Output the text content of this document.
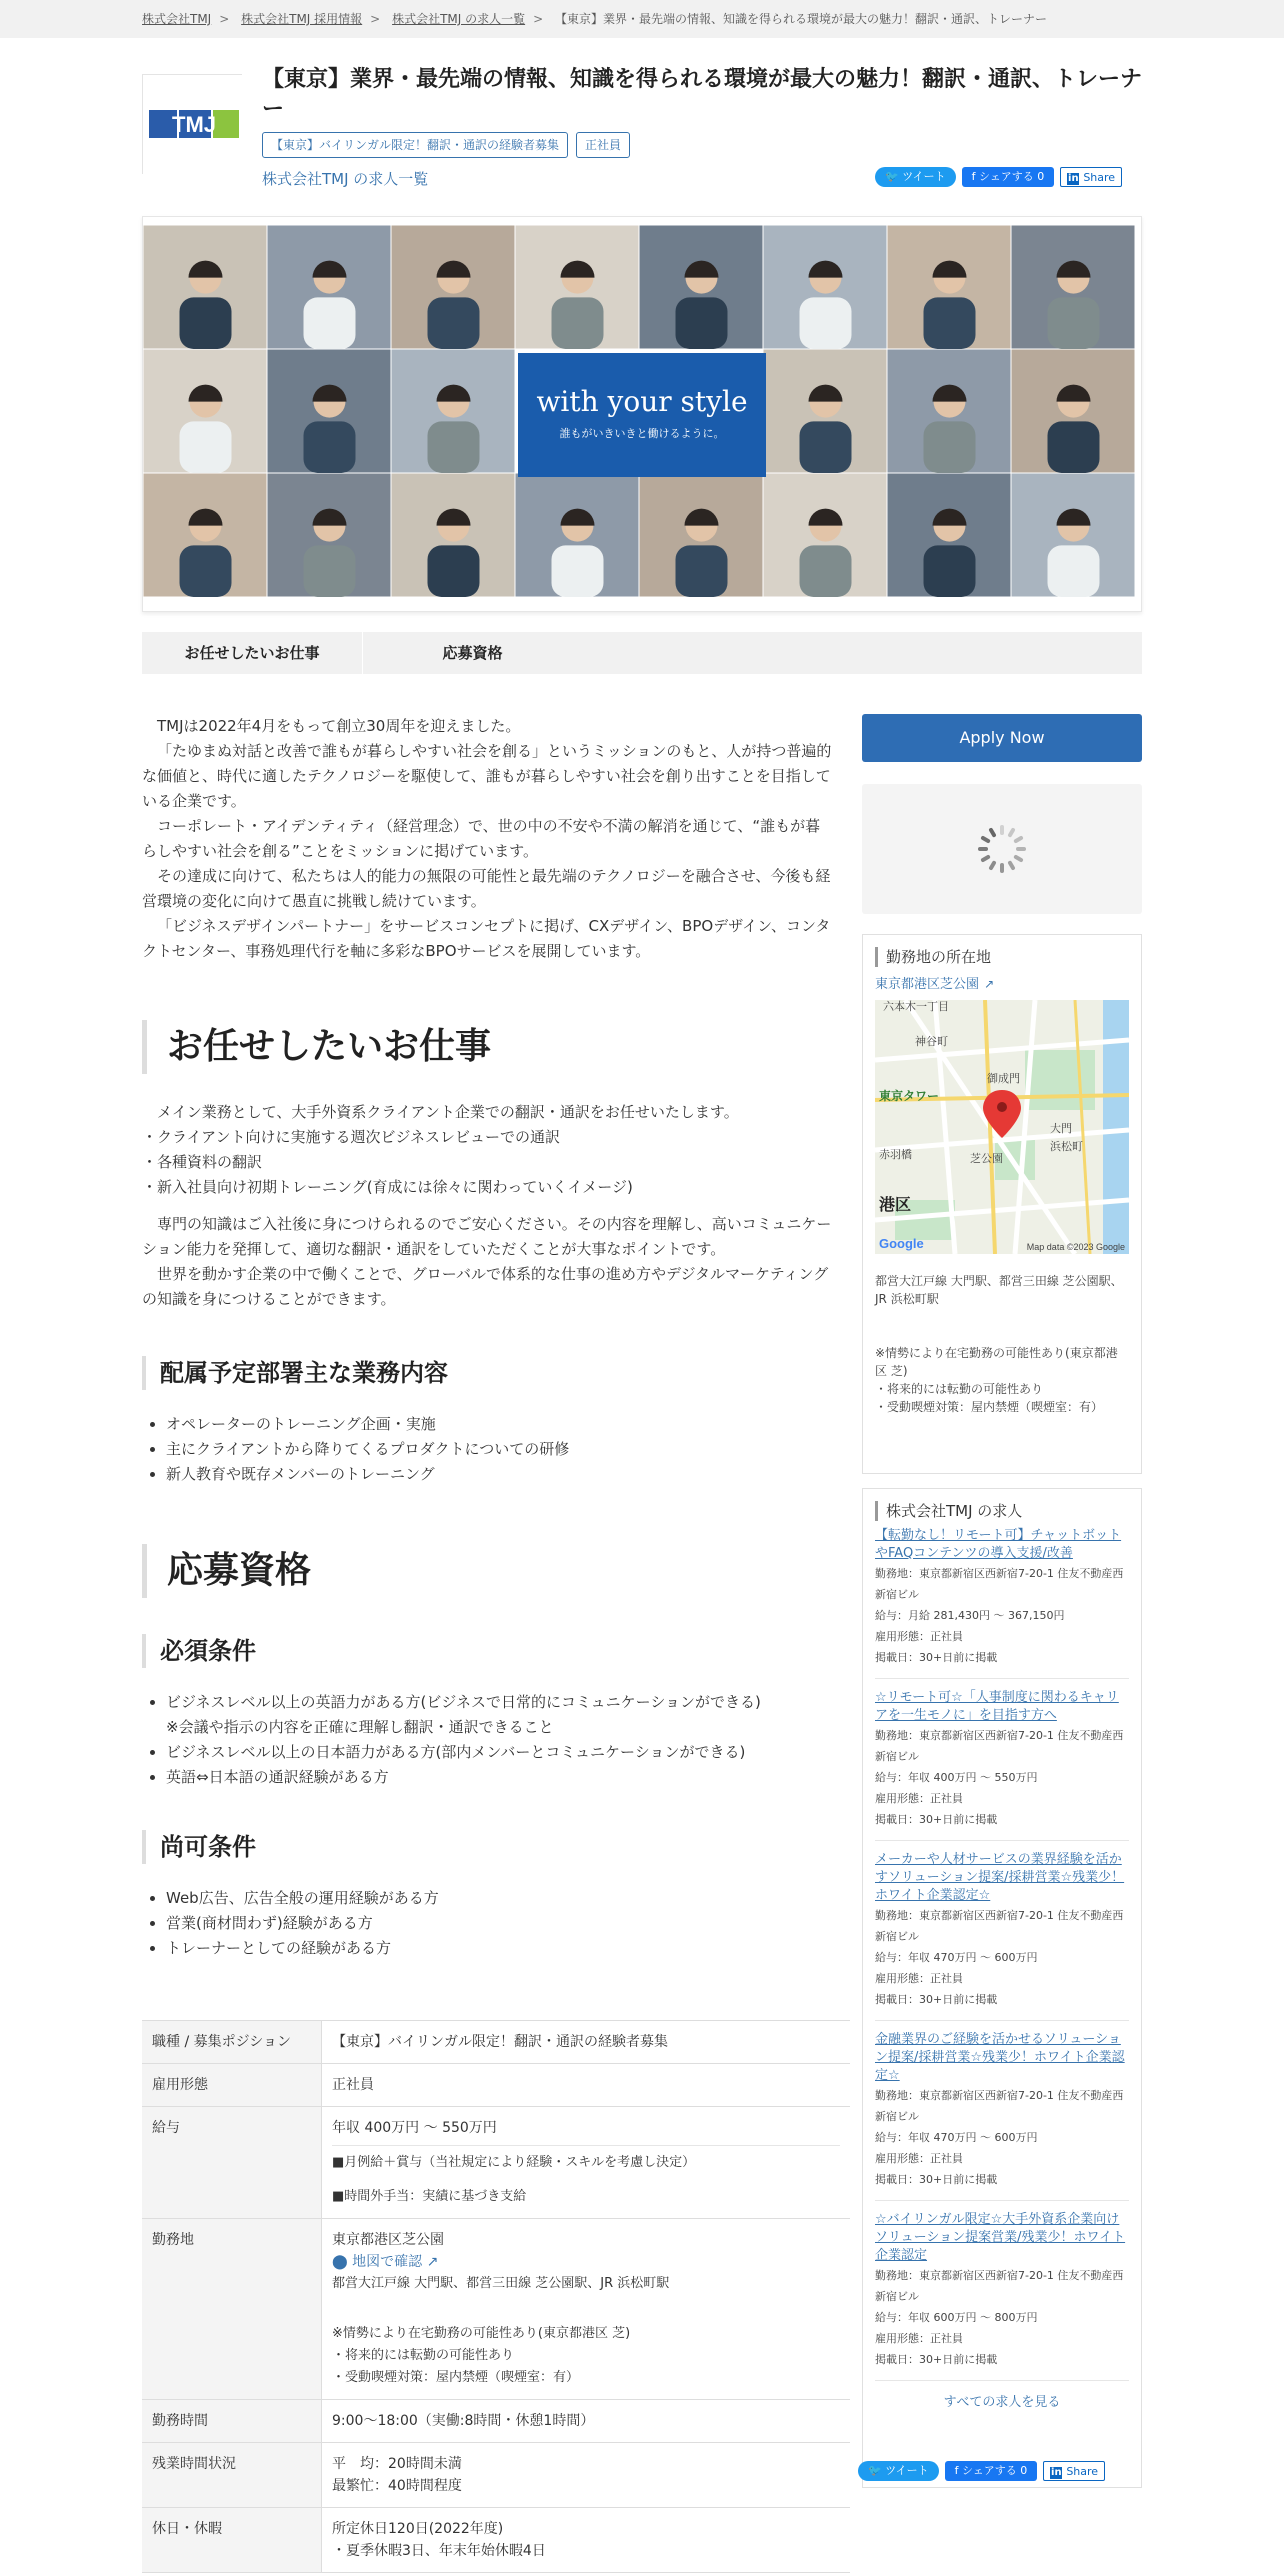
株式会社TMJ > 株式会社TMJ 採用情報 > 株式会社TMJ の求人一覧 > 【東京】業界・最先端の情報、知識を得られる環境が最大の魅力！翻訳・通訳、トレーナー
TMJ
【東京】業界・最先端の情報、知識を得られる環境が最大の魅力！翻訳・通訳、トレーナー
【東京】バイリンガル限定！翻訳・通訳の経験者募集 正社員
株式会社TMJ の求人一覧	🐦 ツイート f シェアする 0 in Share
with your style
誰もがいきいきと働けるように。
お任せしたいお仕事	応募資格

TMJは2022年4月をもって創立30周年を迎えました。

「たゆまぬ対話と改善で誰もが暮らしやすい社会を創る」というミッションのもと、人が持つ普遍的な価値と、時代に適したテクノロジーを駆使して、誰もが暮らしやすい社会を創り出すことを目指している企業です。

コーポレート・アイデンティティ（経営理念）で、世の中の不安や不満の解消を通じて、“誰もが暮らしやすい社会を創る”ことをミッションに掲げています。

その達成に向けて、私たちは人的能力の無限の可能性と最先端のテクノロジーを融合させ、今後も経営環境の変化に向けて愚直に挑戦し続けています。

「ビジネスデザインパートナー」をサービスコンセプトに掲げ、CXデザイン、BPOデザイン、コンタクトセンター、事務処理代行を軸に多彩なBPOサービスを展開しています。

お任せしたいお仕事

メイン業務として、大手外資系クライアント企業での翻訳・通訳をお任せいたします。

・クライアント向けに実施する週次ビジネスレビューでの通訳

・各種資料の翻訳

・新入社員向け初期トレーニング(育成には徐々に関わっていくイメージ)

専門の知識はご入社後に身につけられるのでご安心ください。その内容を理解し、高いコミュニケーション能力を発揮して、適切な翻訳・通訳をしていただくことが大事なポイントです。

世界を動かす企業の中で働くことで、グローバルで体系的な仕事の進め方やデジタルマーケティングの知識を身につけることができます。

配属予定部署主な業務内容
• オペレーターのトレーニング企画・実施
• 主にクライアントから降りてくるプロダクトについての研修
• 新人教育や既存メンバーのトレーニング
応募資格
必須条件
• ビジネスレベル以上の英語力がある方(ビジネスで日常的にコミュニケーションができる)
※会議や指示の内容を正確に理解し翻訳・通訳できること
• ビジネスレベル以上の日本語力がある方(部内メンバーとコミュニケーションができる)
• 英語⇔日本語の通訳経験がある方
尚可条件
• Web広告、広告全般の運用経験がある方
• 営業(商材問わず)経験がある方
• トレーナーとしての経験がある方
職種 / 募集ポジション	【東京】バイリンガル限定！翻訳・通訳の経験者募集
雇用形態	正社員
給与	年収 400万円 〜 550万円
■月例給＋賞与（当社規定により経験・スキルを考慮し決定）
■時間外手当：実績に基づき支給
勤務地	東京都港区芝公園
⬤ 地図で確認 ↗
都営大江戸線 大門駅、都営三田線 芝公園駅、JR 浜松町駅
※情勢により在宅勤務の可能性あり(東京都港区 芝)
・将来的には転勤の可能性あり
・受動喫煙対策：屋内禁煙（喫煙室：有）
勤務時間	9:00～18:00（実働:8時間・休憩1時間）
残業時間状況	平　均：20時間未満
最繁忙：40時間程度
休日・休暇	所定休日120日(2022年度)
・夏季休暇3日、年末年始休暇4日
Apply Now
勤務地の所在地
東京都港区芝公園 ↗
六本木一丁目
神谷町
御成門
大門
浜松町
赤羽橋	芝公園
東京タワー
港区
Google	Map data ©2023 Google
都営大江戸線 大門駅、都営三田線 芝公園駅、JR 浜松町駅
※情勢により在宅勤務の可能性あり(東京都港区 芝)
・将来的には転勤の可能性あり
・受動喫煙対策：屋内禁煙（喫煙室：有）
株式会社TMJ の求人
【転勤なし！リモート可】チャットボットやFAQコンテンツの導入支援/改善
勤務地：東京都新宿区西新宿7-20-1 住友不動産西新宿ビル
給与：月給 281,430円 〜 367,150円
雇用形態：正社員
掲載日：30+日前に掲載
☆リモート可☆「人事制度に関わるキャリアを一生モノに」を目指す方へ
勤務地：東京都新宿区西新宿7-20-1 住友不動産西新宿ビル
給与：年収 400万円 〜 550万円
雇用形態：正社員
掲載日：30+日前に掲載
メーカーや人材サービスの業界経験を活かすソリューション提案/採耕営業☆残業少！ホワイト企業認定☆
勤務地：東京都新宿区西新宿7-20-1 住友不動産西新宿ビル
給与：年収 470万円 〜 600万円
雇用形態：正社員
掲載日：30+日前に掲載
金融業界のご経験を活かせるソリューション提案/採耕営業☆残業少！ホワイト企業認定☆
勤務地：東京都新宿区西新宿7-20-1 住友不動産西新宿ビル
給与：年収 470万円 〜 600万円
雇用形態：正社員
掲載日：30+日前に掲載
☆バイリンガル限定☆大手外資系企業向けソリューション提案営業/残業少！ホワイト企業認定
勤務地：東京都新宿区西新宿7-20-1 住友不動産西新宿ビル
給与：年収 600万円 〜 800万円
雇用形態：正社員
掲載日：30+日前に掲載
すべての求人を見る
🐦 ツイート f シェアする 0 in Share
